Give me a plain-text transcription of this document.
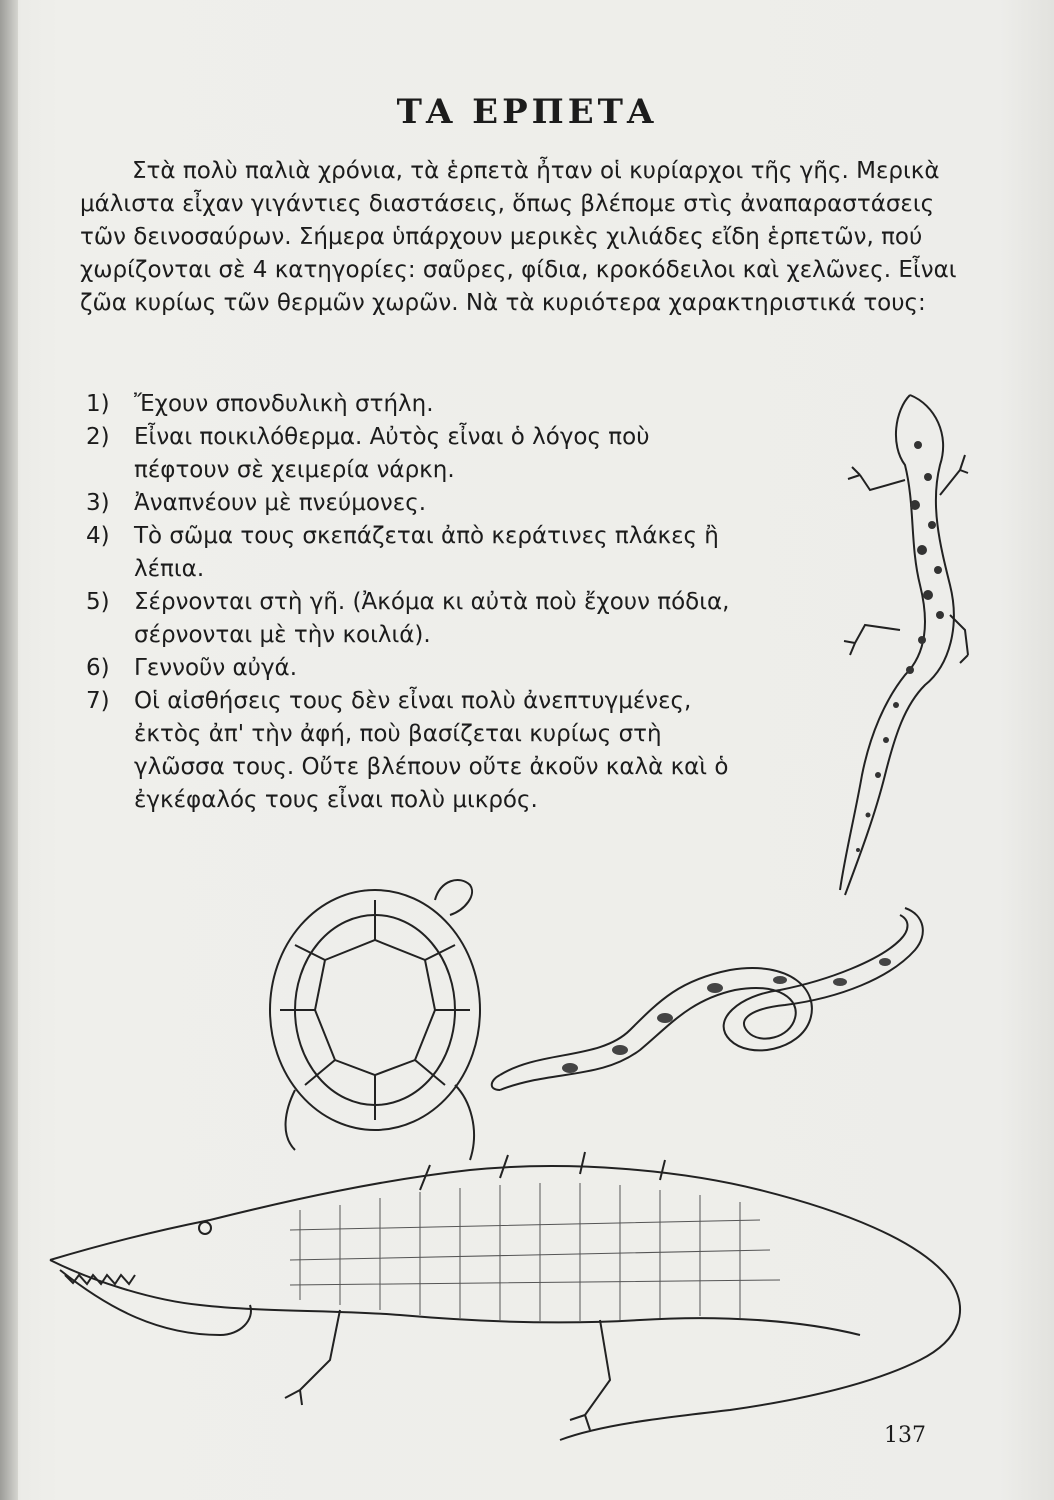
ΤΑ ΕΡΠΕΤΑ

Στὰ πολὺ παλιὰ χρόνια, τὰ ἑρπετὰ ἦταν οἱ κυρίαρχοι τῆς γῆς. Μερικὰ μάλιστα εἶχαν γιγάντιες διαστάσεις, ὅπως βλέπομε στὶς ἀναπαραστάσεις τῶν δεινοσαύρων. Σήμερα ὑπάρχουν μερικὲς χιλιάδες εἴδη ἑρπετῶν, πού χωρίζονται σὲ 4 κατηγορίες: σαῦρες, φίδια, κροκόδειλοι καὶ χελῶνες. Εἶναι ζῶα κυρίως τῶν θερμῶν χωρῶν. Νὰ τὰ κυριότερα χαρακτηριστικά τους:

1) Ἔχουν σπονδυλικὴ στήλη.
2) Εἶναι ποικιλόθερμα. Αὐτὸς εἶναι ὁ λόγος ποὺ πέφτουν σὲ χειμερία νάρκη.
3) Ἀναπνέουν μὲ πνεύμονες.
4) Τὸ σῶμα τους σκεπάζεται ἀπὸ κεράτινες πλάκες ἢ λέπια.
5) Σέρνονται στὴ γῆ. (Ἀκόμα κι αὐτὰ ποὺ ἔχουν πόδια, σέρνονται μὲ τὴν κοιλιά).
6) Γεννοῦν αὐγά.
7) Οἱ αἰσθήσεις τους δὲν εἶναι πολὺ ἀνεπτυγμένες, ἐκτὸς ἀπ' τὴν ἀφή, ποὺ βασίζεται κυρίως στὴ γλῶσσα τους. Οὔτε βλέπουν οὔτε ἀκοῦν καλὰ καὶ ὁ ἐγκέφαλός τους εἶναι πολὺ μικρός.
137
